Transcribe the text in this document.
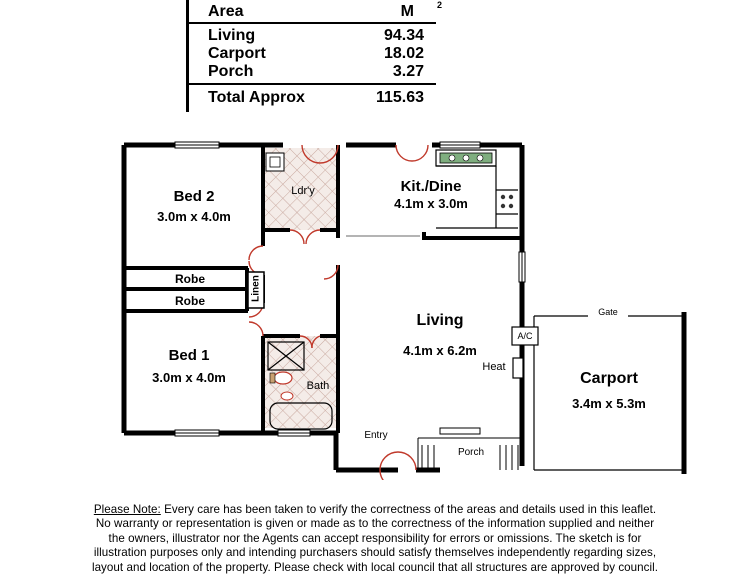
Area	M
Living	94.34
Carport	18.02
Porch	3.27
Total Approx	115.63
2
Bed 2
3.0m x 4.0m
Ldr'y	Kit./Dine
4.1m x 3.0m
Robe
Robe	Linen
Bed 1
3.0m x 4.0m
Bath
Living
4.1m x 6.2m
A/C
Heat
Carport
3.4m x 5.3m
Gate
Entry
Porch
Please Note: Every care has been taken to verify the correctness of the areas and details used in this leaflet.
No warranty or representation is given or made as to the correctness of the information supplied and neither
the owners, illustrator nor the Agents can accept responsibility for errors or omissions. The sketch is for
illustration purposes only and intending purchasers should satisfy themselves independently regarding sizes,
layout and location of the property. Please check with local council that all structures are approved by council.
